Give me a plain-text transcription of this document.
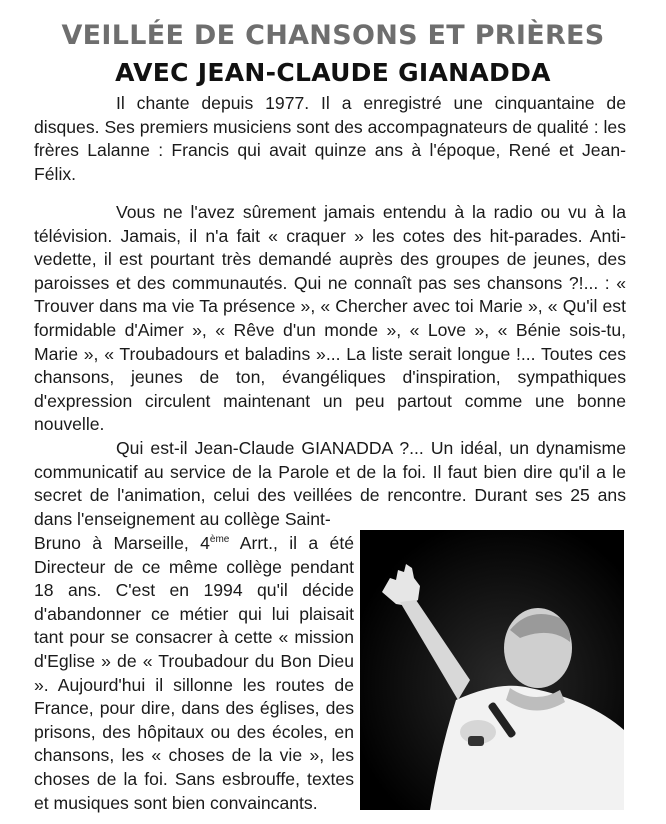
VEILLÉE DE CHANSONS ET PRIÈRES
AVEC JEAN-CLAUDE GIANADDA

Il chante depuis 1977. Il a enregistré une cinquantaine de disques. Ses premiers musiciens sont des accompagnateurs de qualité : les frères Lalanne : Francis qui avait quinze ans à l'époque, René et Jean-Félix.

Vous ne l'avez sûrement jamais entendu à la radio ou vu à la télévision. Jamais, il n'a fait « craquer » les cotes des hit-parades. Anti-vedette, il est pourtant très demandé auprès des groupes de jeunes, des paroisses et des communautés. Qui ne connaît pas ses chansons ?!... : « Trouver dans ma vie Ta présence », « Chercher avec toi Marie », « Qu'il est formidable d'Aimer », « Rêve d'un monde », « Love », « Bénie sois-tu, Marie », « Troubadours et baladins »... La liste serait longue !... Toutes ces chansons, jeunes de ton, évangéliques d'inspiration, sympathiques d'expression circulent maintenant un peu partout comme une bonne nouvelle.

Qui est-il Jean-Claude GIANADDA ?... Un idéal, un dynamisme communicatif au service de la Parole et de la foi. Il faut bien dire qu'il a le secret de l'animation, celui des veillées de rencontre. Durant ses 25 ans dans l'enseignement au collège Saint-

Bruno à Marseille, 4ème Arrt., il a été Directeur de ce même collège pendant 18 ans. C'est en 1994 qu'il décide d'abandonner ce métier qui lui plaisait tant pour se consacrer à cette « mission d'Eglise » de « Troubadour du Bon Dieu ». Aujourd'hui il sillonne les routes de France, pour dire, dans des églises, des prisons, des hôpitaux ou des écoles, en chansons, les « choses de la vie », les choses de la foi. Sans esbrouffe, textes et musiques sont bien convaincants.
